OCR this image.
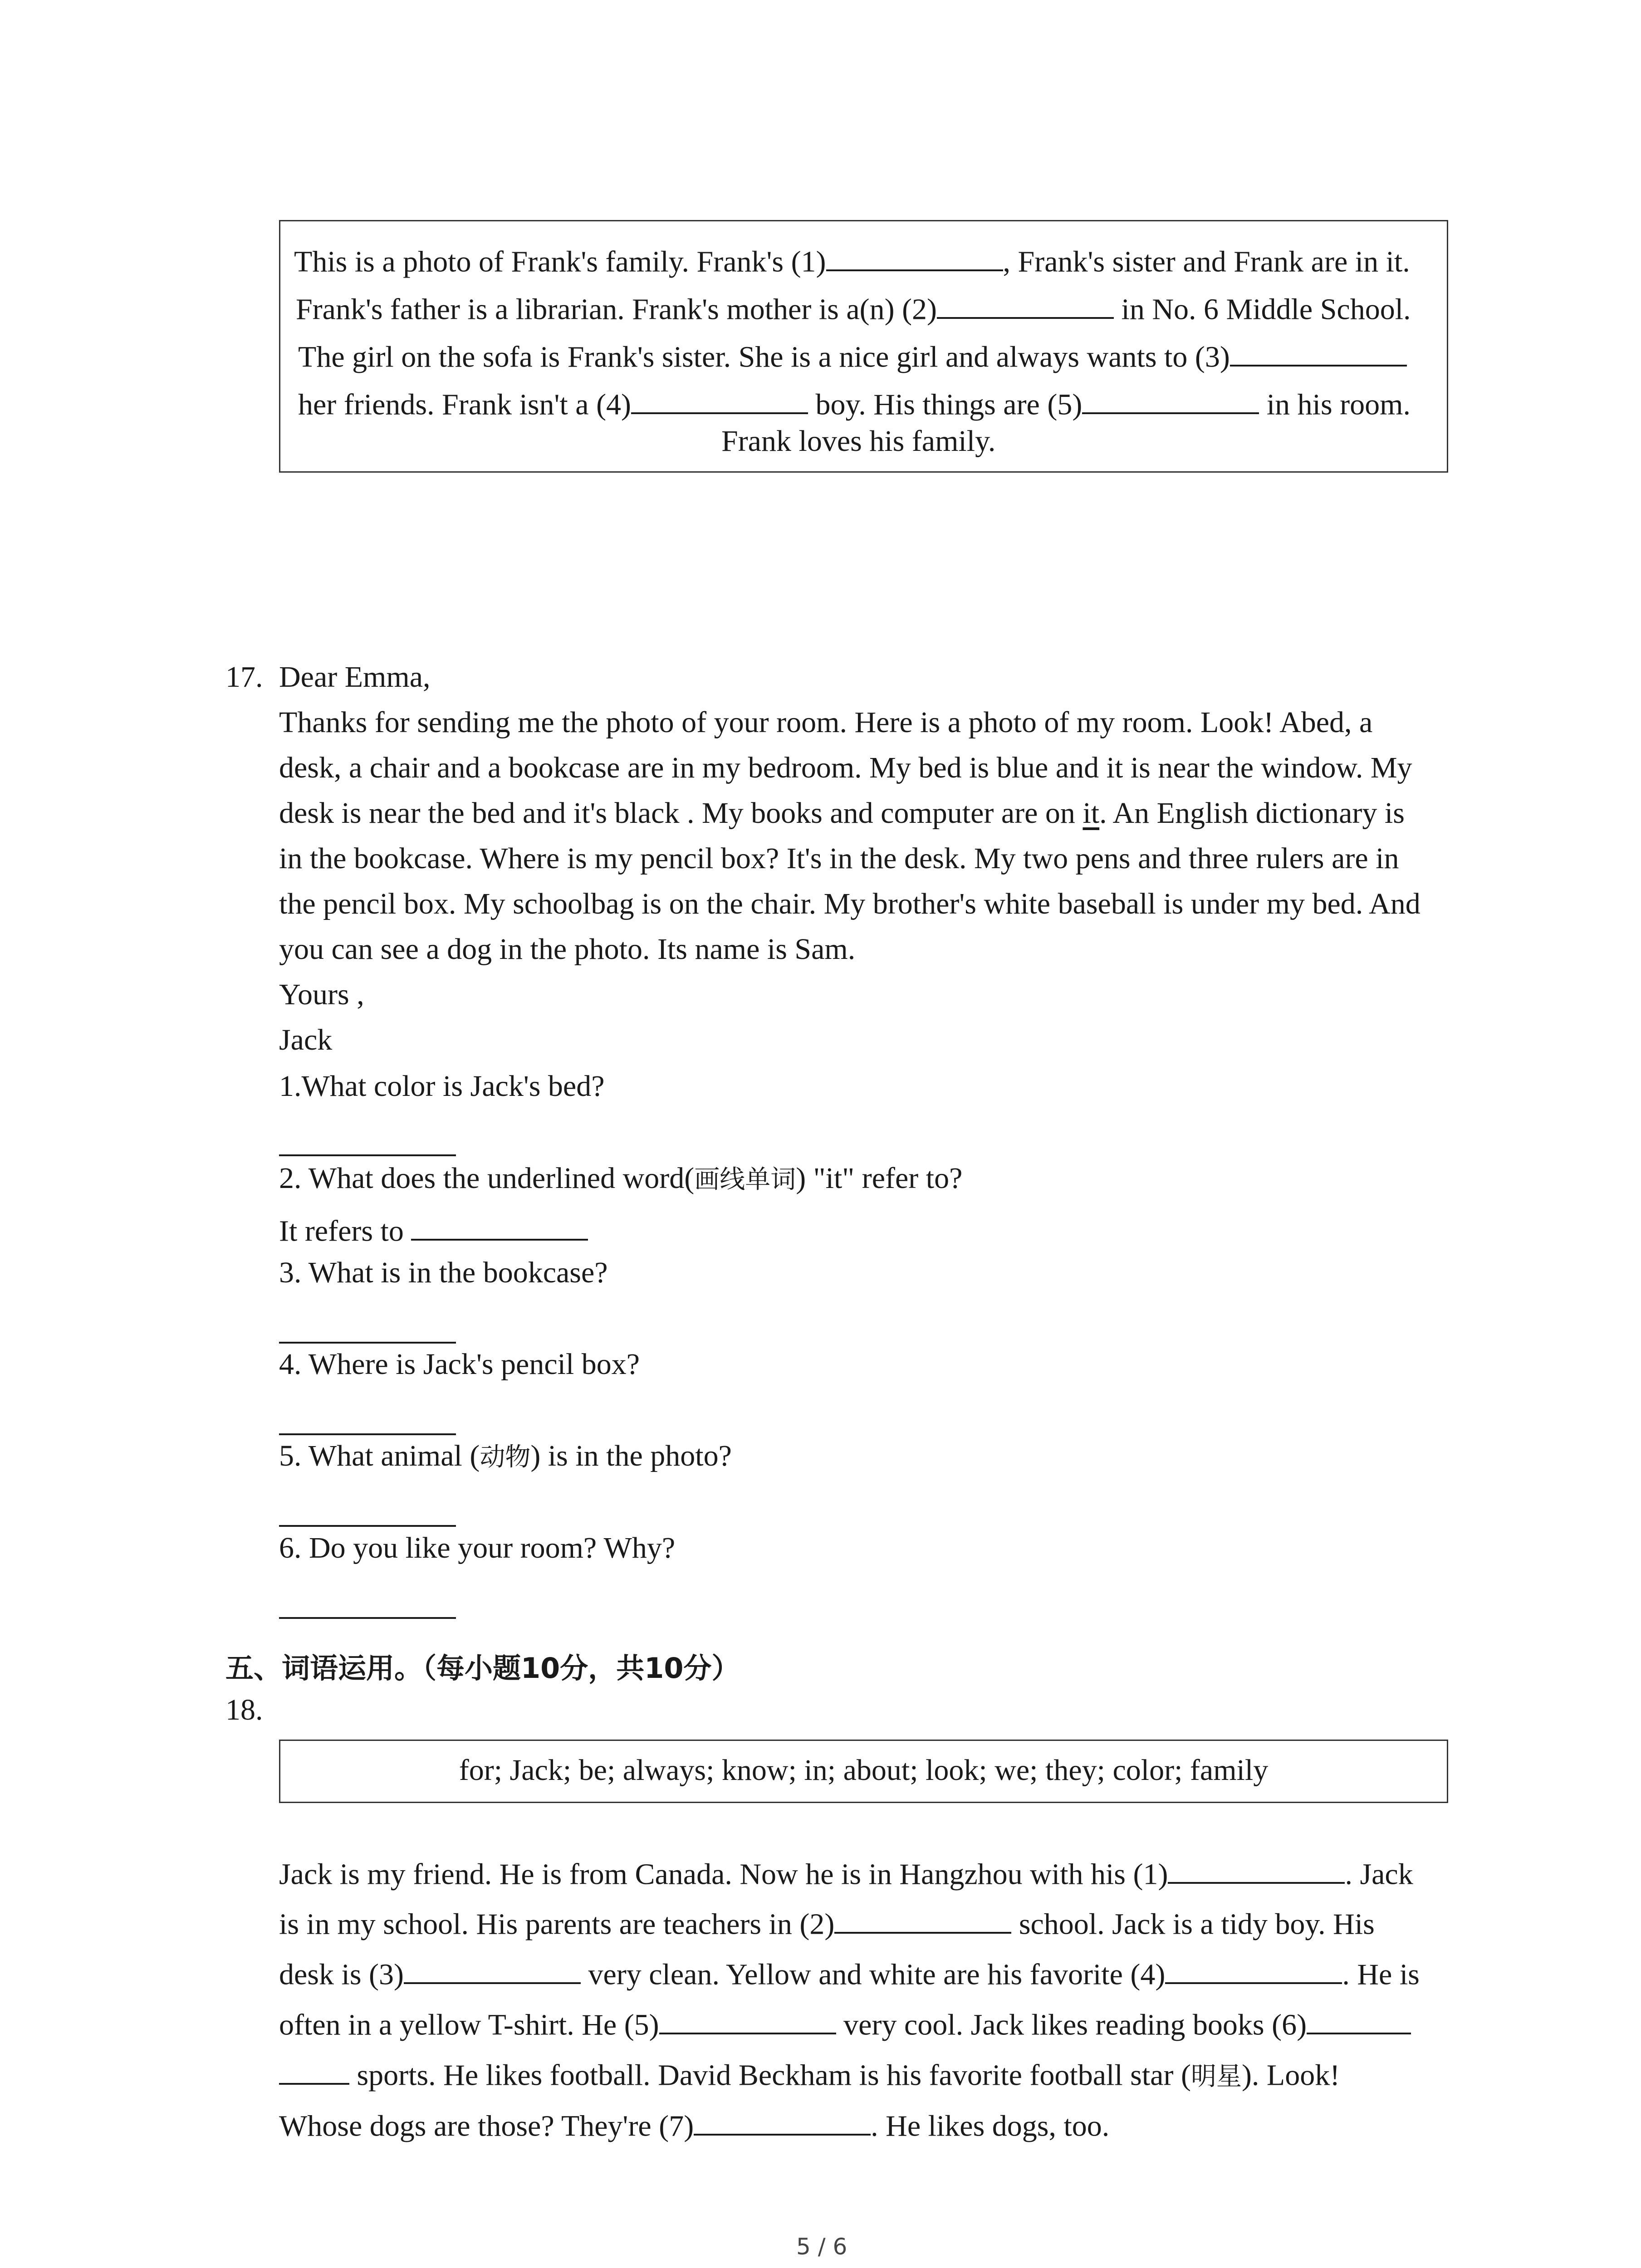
This is a photo of Frank's family. Frank's (1)	, Frank's sister and Frank are in it.
Frank's father is a librarian. Frank's mother is a(n) (2)	in No. 6 Middle School.
The girl on the sofa is Frank's sister. She is a nice girl and always wants to (3)
her friends. Frank isn't a (4)	boy. His things are (5)	in his room.
Frank loves his family.
17. Dear Emma,
Thanks for sending me the photo of your room. Here is a photo of my room. Look! Abed, a
desk, a chair and a bookcase are in my bedroom. My bed is blue and it is near the window. My
desk is near the bed and it's black . My books and computer are on it. An English dictionary is
in the bookcase. Where is my pencil box? It's in the desk. My two pens and three rulers are in
the pencil box. My schoolbag is on the chair. My brother's white baseball is under my bed. And
you can see a dog in the photo. Its name is Sam.
Yours ,
Jack
1.What color is Jack's bed?
2. What does the underlined word(画线单词) "it" refer to?
It refers to
3. What is in the bookcase?
4. Where is Jack's pencil box?
5. What animal (动物) is in the photo?
6. Do you like your room? Why?
五、词语运用。（每小题10分，共10分）
18.
for; Jack; be; always; know; in; about; look; we; they; color; family
Jack is my friend. He is from Canada. Now he is in Hangzhou with his (1)	. Jack
is in my school. His parents are teachers in (2)	school. Jack is a tidy boy. His
desk is (3)	very clean. Yellow and white are his favorite (4)	. He is
often in a yellow T-shirt. He (5)	very cool. Jack likes reading books (6)
sports. He likes football. David Beckham is his favorite football star (明星). Look!
Whose dogs are those? They're (7)	. He likes dogs, too.
5 / 6
